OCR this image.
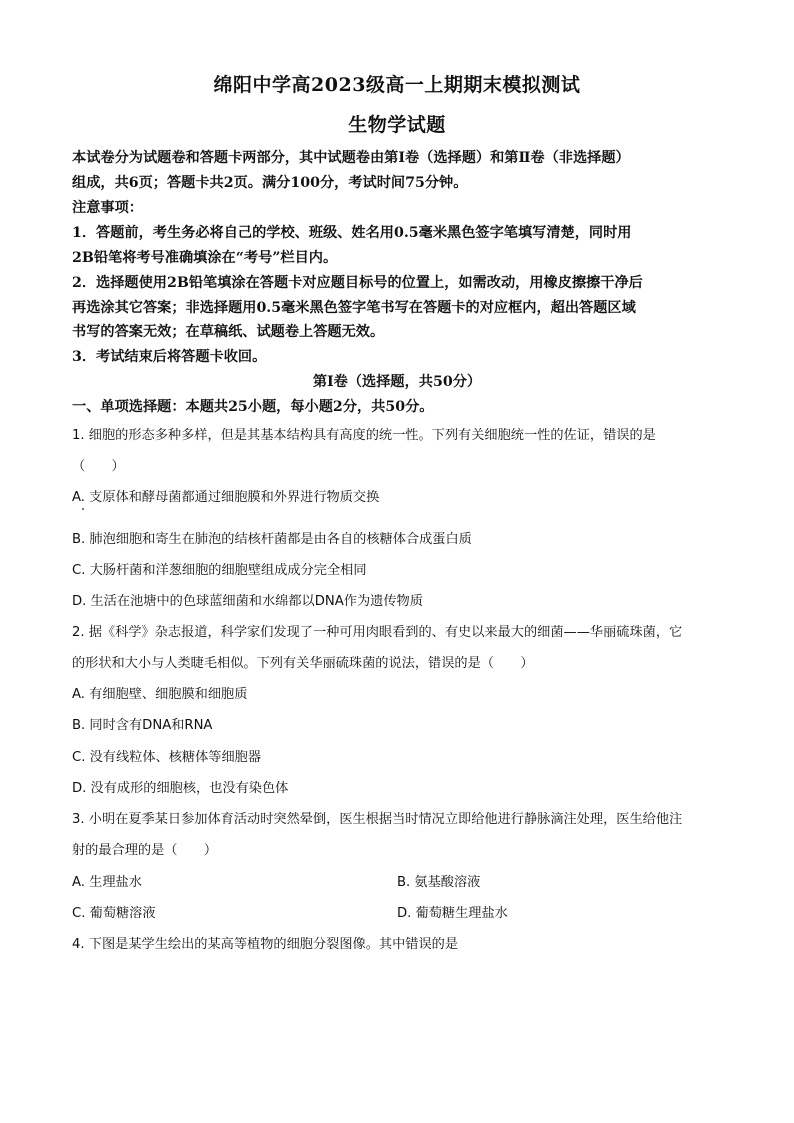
绵阳中学高2023级高一上期期末模拟测试
生物学试题
本试卷分为试题卷和答题卡两部分，其中试题卷由第Ⅰ卷（选择题）和第Ⅱ卷（非选择题）
组成，共6页；答题卡共2页。满分100分，考试时间75分钟。
注意事项：
1．答题前，考生务必将自己的学校、班级、姓名用0.5毫米黑色签字笔填写清楚，同时用
2B铅笔将考号准确填涂在“考号”栏目内。
2．选择题使用2B铅笔填涂在答题卡对应题目标号的位置上，如需改动，用橡皮擦擦干净后
再选涂其它答案；非选择题用0.5毫米黑色签字笔书写在答题卡的对应框内，超出答题区域
书写的答案无效；在草稿纸、试题卷上答题无效。
3．考试结束后将答题卡收回。
第Ⅰ卷（选择题，共50分）
一、单项选择题：本题共25小题，每小题2分，共50分。
1. 细胞的形态多种多样，但是其基本结构具有高度的统一性。下列有关细胞统一性的佐证，错误的是
（　　）
A. 支原体和酵母菌都通过细胞膜和外界进行物质交换
B. 肺泡细胞和寄生在肺泡的结核杆菌都是由各自的核糖体合成蛋白质
C. 大肠杆菌和洋葱细胞的细胞壁组成成分完全相同
D. 生活在池塘中的色球蓝细菌和水绵都以DNA作为遗传物质
2. 据《科学》杂志报道，科学家们发现了一种可用肉眼看到的、有史以来最大的细菌——华丽硫珠菌，它
的形状和大小与人类睫毛相似。下列有关华丽硫珠菌的说法，错误的是（　　）
A. 有细胞壁、细胞膜和细胞质
B. 同时含有DNA和RNA
C. 没有线粒体、核糖体等细胞器
D. 没有成形的细胞核，也没有染色体
3. 小明在夏季某日参加体育活动时突然晕倒，医生根据当时情况立即给他进行静脉滴注处理，医生给他注
射的最合理的是（　　）
A. 生理盐水	B. 氨基酸溶液
C. 葡萄糖溶液	D. 葡萄糖生理盐水
4. 下图是某学生绘出的某高等植物的细胞分裂图像。其中错误的是
